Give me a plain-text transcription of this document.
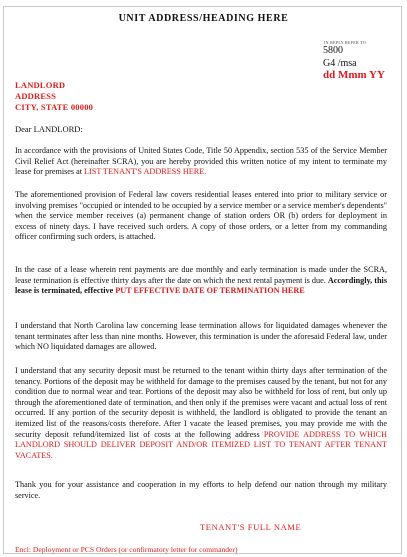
UNIT ADDRESS/HEADING HERE
IN REPLY REFER TO
5800
G4 /msa
dd Mmm YY
LANDLORD
ADDRESS
CITY, STATE 00000
Dear LANDLORD:
In accordance with the provisions of United States Code, Title 50 Appendix, section 535 of the Service Member Civil Relief Act (hereinafter SCRA), you are hereby provided this written notice of my intent to terminate my lease for premises at LIST TENANT'S ADDRESS HERE.
The aforementioned provision of Federal law covers residential leases entered into prior to military service or involving premises "occupied or intended to be occupied by a service member or a service member's dependents" when the service member receives (a) permanent change of station orders OR (b) orders for deployment in excess of ninety days. I have received such orders. A copy of those orders, or a letter from my commanding officer confirming such orders, is attached.
In the case of a lease wherein rent payments are due monthly and early termination is made under the SCRA, lease termination is effective thirty days after the date on which the next rental payment is due. Accordingly, this lease is terminated, effective PUT EFFECTIVE DATE OF TERMINATION HERE
I understand that North Carolina law concerning lease termination allows for liquidated damages whenever the tenant terminates after less than nine months. However, this termination is under the aforesaid Federal law, under which NO liquidated damages are allowed.
I understand that any security deposit must be returned to the tenant within thirty days after termination of the tenancy. Portions of the deposit may be withheld for damage to the premises caused by the tenant, but not for any condition due to normal wear and tear. Portions of the deposit may also be withheld for loss of rent, but only up through the aforementioned date of termination, and then only if the premises were vacant and actual loss of rent occurred. If any portion of the security deposit is withheld, the landlord is obligated to provide the tenant an itemized list of the reasons/costs therefore. After I vacate the leased premises, you may provide me with the security deposit refund/itemized list of costs at the following address PROVIDE ADDRESS TO WHICH LANDLORD SHOULD DELIVER DEPOSIT AND/OR ITEMIZED LIST TO TENANT AFTER TENANT VACATES.
Thank you for your assistance and cooperation in my efforts to help defend our nation through my military service.
TENANT'S FULL NAME
Encl: Deployment or PCS Orders (or confirmatory letter for commander)
